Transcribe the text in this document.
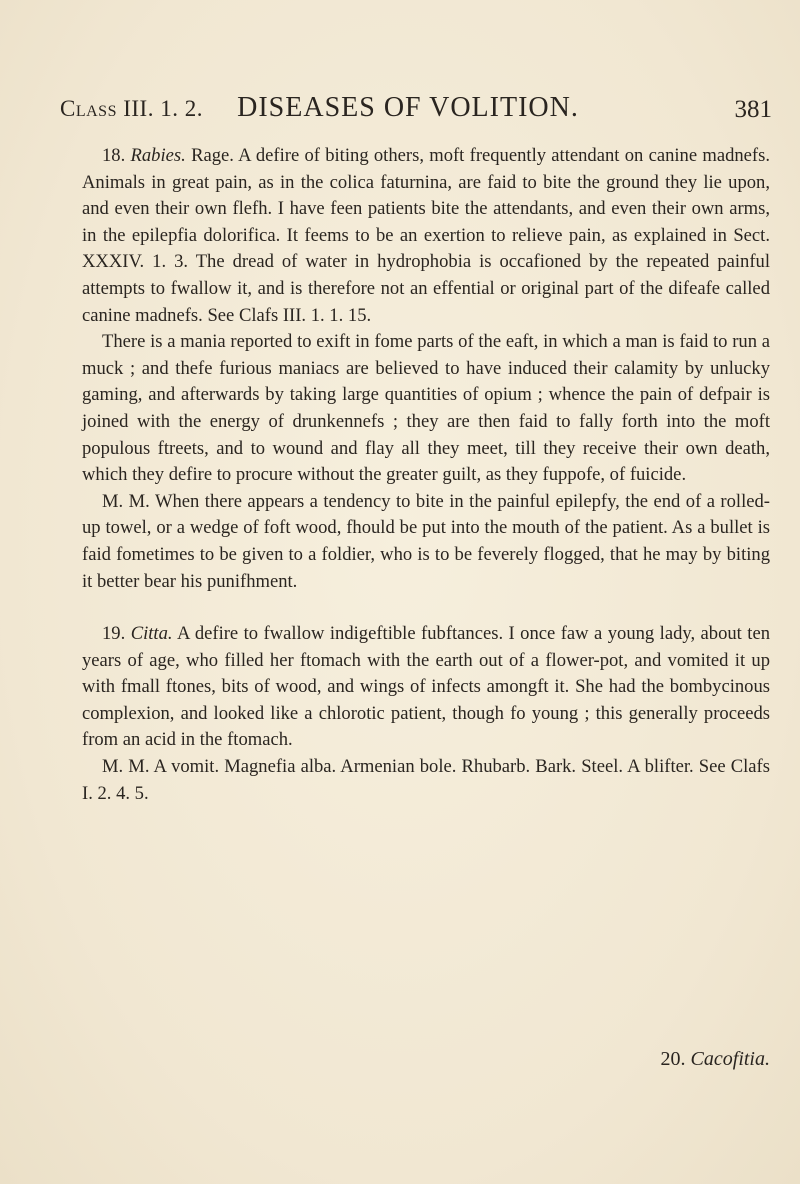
Class III. 1. 2.	DISEASES OF VOLITION.	381

18. Rabies. Rage. A defire of biting others, moft frequently attendant on canine madnefs. Animals in great pain, as in the colica faturnina, are faid to bite the ground they lie upon, and even their own flefh. I have feen patients bite the attendants, and even their own arms, in the epilepfia dolorifica. It feems to be an exertion to relieve pain, as explained in Sect. XXXIV. 1. 3. The dread of water in hydrophobia is occafioned by the repeated painful attempts to fwallow it, and is therefore not an effential or original part of the difeafe called canine madnefs. See Clafs III. 1. 1. 15.

There is a mania reported to exift in fome parts of the eaft, in which a man is faid to run a muck ; and thefe furious maniacs are believed to have induced their calamity by unlucky gaming, and afterwards by taking large quantities of opium ; whence the pain of defpair is joined with the energy of drunkennefs ; they are then faid to fally forth into the moft populous ftreets, and to wound and flay all they meet, till they receive their own death, which they defire to procure without the greater guilt, as they fuppofe, of fuicide.

M. M. When there appears a tendency to bite in the painful epilepfy, the end of a rolled-up towel, or a wedge of foft wood, fhould be put into the mouth of the patient. As a bullet is faid fometimes to be given to a foldier, who is to be feverely flogged, that he may by biting it better bear his punifhment.

19. Citta. A defire to fwallow indigeftible fubftances. I once faw a young lady, about ten years of age, who filled her ftomach with the earth out of a flower-pot, and vomited it up with fmall ftones, bits of wood, and wings of infects amongft it. She had the bombycinous complexion, and looked like a chlorotic patient, though fo young ; this generally proceeds from an acid in the ftomach.

M. M. A vomit. Magnefia alba. Armenian bole. Rhubarb. Bark. Steel. A blifter. See Clafs I. 2. 4. 5.

20. Cacofitia.
